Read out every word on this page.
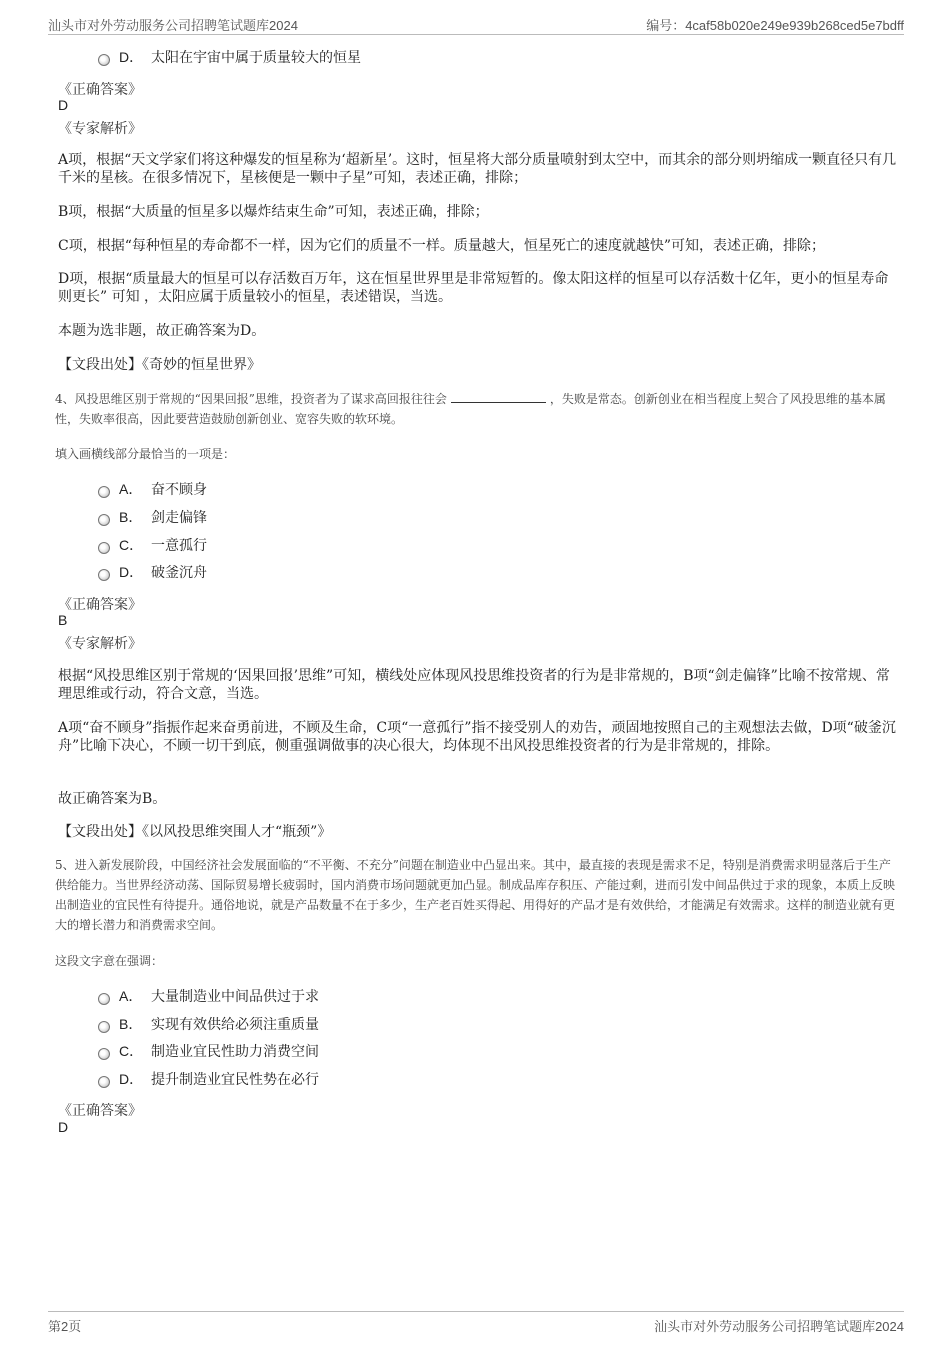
汕头市对外劳动服务公司招聘笔试题库2024	编号：4caf58b020e249e939b268ced5e7bdff
D． 太阳在宇宙中属于质量较大的恒星
《正确答案》
D
《专家解析》
A项，根据“天文学家们将这种爆发的恒星称为‘超新星’。这时，恒星将大部分质量喷射到太空中，而其余的部分则坍缩成一颗直径只有几千米的星核。在很多情况下，星核便是一颗中子星”可知，表述正确，排除；
B项，根据“大质量的恒星多以爆炸结束生命”可知，表述正确，排除；
C项，根据“每种恒星的寿命都不一样，因为它们的质量不一样。质量越大，恒星死亡的速度就越快”可知，表述正确，排除；
D项，根据“质量最大的恒星可以存活数百万年，这在恒星世界里是非常短暂的。像太阳这样的恒星可以存活数十亿年，更小的恒星寿命则更长” 可知 ，太阳应属于质量较小的恒星，表述错误，当选。
本题为选非题，故正确答案为D。
【文段出处】《奇妙的恒星世界》
4、风投思维区别于常规的“因果回报”思维，投资者为了谋求高回报往往会	，失败是常态。创新创业在相当程度上契合了风投思维的基本属性，失败率很高，因此要营造鼓励创新创业、宽容失败的软环境。
填入画横线部分最恰当的一项是：
A． 奋不顾身
B． 剑走偏锋
C． 一意孤行
D． 破釜沉舟
《正确答案》
B
《专家解析》
根据“风投思维区别于常规的‘因果回报’思维”可知，横线处应体现风投思维投资者的行为是非常规的，B项“剑走偏锋”比喻不按常规、常理思维或行动，符合文意，当选。
A项“奋不顾身”指振作起来奋勇前进，不顾及生命，C项“一意孤行”指不接受别人的劝告，顽固地按照自己的主观想法去做，D项“破釜沉舟”比喻下决心，不顾一切干到底，侧重强调做事的决心很大，均体现不出风投思维投资者的行为是非常规的，排除。
故正确答案为B。
【文段出处】《以风投思维突围人才“瓶颈”》
5、进入新发展阶段，中国经济社会发展面临的“不平衡、不充分”问题在制造业中凸显出来。其中，最直接的表现是需求不足，特别是消费需求明显落后于生产供给能力。当世界经济动荡、国际贸易增长疲弱时，国内消费市场问题就更加凸显。制成品库存积压、产能过剩，进而引发中间品供过于求的现象，本质上反映出制造业的宜民性有待提升。通俗地说，就是产品数量不在于多少，生产老百姓买得起、用得好的产品才是有效供给，才能满足有效需求。这样的制造业就有更大的增长潜力和消费需求空间。
这段文字意在强调：
A． 大量制造业中间品供过于求
B． 实现有效供给必须注重质量
C． 制造业宜民性助力消费空间
D． 提升制造业宜民性势在必行
《正确答案》
D
第2页	汕头市对外劳动服务公司招聘笔试题库2024
